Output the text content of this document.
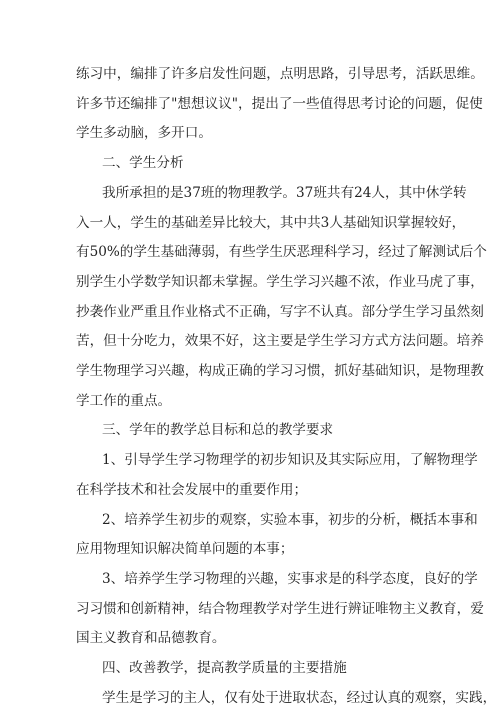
练习中，编排了许多启发性问题，点明思路，引导思考，活跃思维。
许多节还编排了"想想议议"，提出了一些值得思考讨论的问题，促使
学生多动脑，多开口。
二、学生分析
我所承担的是37班的物理教学。37班共有24人，其中休学转
入一人，学生的基础差异比较大，其中共3人基础知识掌握较好，
有50%的学生基础薄弱，有些学生厌恶理科学习，经过了解测试后个
别学生小学数学知识都未掌握。学生学习兴趣不浓，作业马虎了事，
抄袭作业严重且作业格式不正确，写字不认真。部分学生学习虽然刻
苦，但十分吃力，效果不好，这主要是学生学习方式方法问题。培养
学生物理学习兴趣，构成正确的学习习惯，抓好基础知识，是物理教
学工作的重点。
三、学年的教学总目标和总的教学要求
1、引导学生学习物理学的初步知识及其实际应用，了解物理学
在科学技术和社会发展中的重要作用；
2、培养学生初步的观察，实验本事，初步的分析，概括本事和
应用物理知识解决简单问题的本事；
3、培养学生学习物理的兴趣，实事求是的科学态度，良好的学
习习惯和创新精神，结合物理教学对学生进行辨证唯物主义教育，爱
国主义教育和品德教育。
四、改善教学，提高教学质量的主要措施
学生是学习的主人，仅有处于进取状态，经过认真的观察，实践，
